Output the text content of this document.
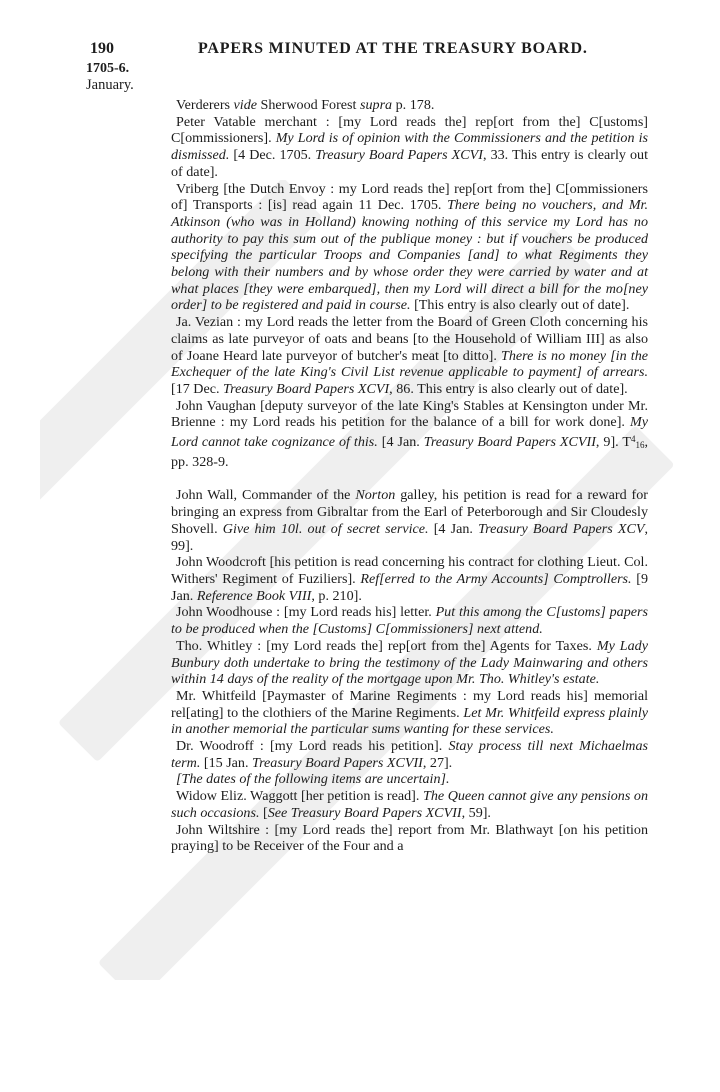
190	PAPERS MINUTED AT THE TREASURY BOARD.
1705-6.
January.

Verderers vide Sherwood Forest supra p. 178.

Peter Vatable merchant : [my Lord reads the] rep[ort from the] C[ustoms] C[ommissioners]. My Lord is of opinion with the Commissioners and the petition is dismissed. [4 Dec. 1705. Treasury Board Papers XCVI, 33. This entry is clearly out of date].

Vriberg [the Dutch Envoy : my Lord reads the] rep[ort from the] C[ommissioners of] Transports : [is] read again 11 Dec. 1705. There being no vouchers, and Mr. Atkinson (who was in Holland) knowing nothing of this service my Lord has no authority to pay this sum out of the publique money : but if vouchers be produced specifying the particular Troops and Companies [and] to what Regiments they belong with their numbers and by whose order they were carried by water and at what places [they were embarqued], then my Lord will direct a bill for the mo[ney order] to be registered and paid in course. [This entry is also clearly out of date].

Ja. Vezian : my Lord reads the letter from the Board of Green Cloth concerning his claims as late purveyor of oats and beans [to the Household of William III] as also of Joane Heard late purveyor of butcher's meat [to ditto]. There is no money [in the Exchequer of the late King's Civil List revenue applicable to payment] of arrears. [17 Dec. Treasury Board Papers XCVI, 86. This entry is also clearly out of date].

John Vaughan [deputy surveyor of the late King's Stables at Kensington under Mr. Brienne : my Lord reads his petition for the balance of a bill for work done]. My Lord cannot take cognizance of this. [4 Jan. Treasury Board Papers XCVII, 9]. $T^4_{16}$, pp. 328-9.

John Wall, Commander of the Norton galley, his petition is read for a reward for bringing an express from Gibraltar from the Earl of Peterborough and Sir Cloudesly Shovell. Give him 10l. out of secret service. [4 Jan. Treasury Board Papers XCV, 99].

John Woodcroft [his petition is read concerning his contract for clothing Lieut. Col. Withers' Regiment of Fuziliers]. Ref[erred to the Army Accounts] Comptrollers. [9 Jan. Reference Book VIII, p. 210].

John Woodhouse : [my Lord reads his] letter. Put this among the C[ustoms] papers to be produced when the [Customs] C[ommissioners] next attend.

Tho. Whitley : [my Lord reads the] rep[ort from the] Agents for Taxes. My Lady Bunbury doth undertake to bring the testimony of the Lady Mainwaring and others within 14 days of the reality of the mortgage upon Mr. Tho. Whitley's estate.

Mr. Whitfeild [Paymaster of Marine Regiments : my Lord reads his] memorial rel[ating] to the clothiers of the Marine Regiments. Let Mr. Whitfeild express plainly in another memorial the particular sums wanting for these services.

Dr. Woodroff : [my Lord reads his petition]. Stay process till next Michaelmas term. [15 Jan. Treasury Board Papers XCVII, 27].

[The dates of the following items are uncertain].

Widow Eliz. Waggott [her petition is read]. The Queen cannot give any pensions on such occasions. [See Treasury Board Papers XCVII, 59].

John Wiltshire : [my Lord reads the] report from Mr. Blathwayt [on his petition praying] to be Receiver of the Four and a
